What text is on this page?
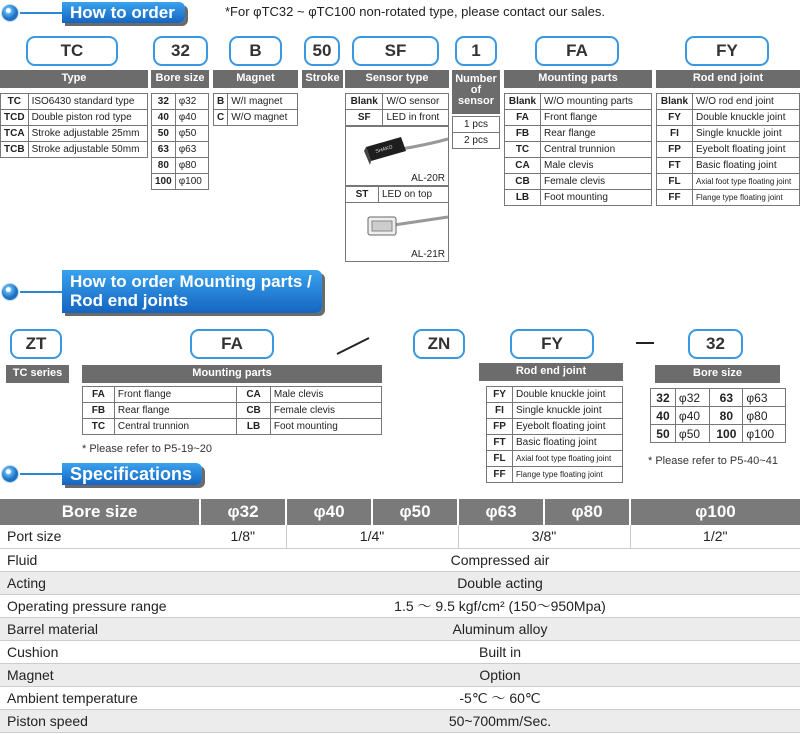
How to order	*For φTC32 ~ φTC100 non-rotated type, please contact our sales.
TC	32	B	50	SF	1	FA	FY
Type	Bore size	Magnet	Stroke	Sensor type	Number of sensor
Mounting parts	Rod end joint
TC	ISO6430 standard type
TCD	Double piston rod type
TCA	Stroke adjustable 25mm
TCB	Stroke adjustable 50mm
32	φ32
40	φ40
50	φ50
63	φ63
80	φ80
100	φ100
B	W/I magnet
C	W/O magnet
Blank	W/O sensor
SF	LED in front
SHAKO
AL-20R
ST	LED on top
AL-21R
1 pcs
2 pcs
Blank	W/O mounting parts
FA	Front flange
FB	Rear flange
TC	Central trunnion
CA	Male clevis
CB	Female clevis
LB	Foot mounting
Blank	W/O rod end joint
FY	Double knuckle joint
FI	Single knuckle joint
FP	Eyebolt floating joint
FT	Basic floating joint
FL	Axial foot type floating joint
FF	Flange type floating joint
How to order Mounting parts /
Rod end joints
ZT	FA	ZN	FY	32
TC series	Mounting parts
FA	Front flange	CA	Male clevis
FB	Rear flange	CB	Female clevis
TC	Central trunnion	LB	Foot mounting
* Please refer to P5-19~20
Rod end joint
FY	Double knuckle joint
FI	Single knuckle joint
FP	Eyebolt floating joint
FT	Basic floating joint
FL	Axial foot type floating joint
FF	Flange type floating joint
Bore size
32	φ32	63	φ63
40	φ40	80	φ80
50	φ50	100	φ100
* Please refer to P5-40~41
Specifications
Bore size	φ32	φ40	φ50	φ63	φ80	φ100
Port size	1/8"	1/4"		3/8"		1/2"
Fluid	Compressed air					
Acting	Double acting					
Operating pressure range	1.5 ～ 9.5 kgf/cm² (150～950Mpa)					
Barrel material	Aluminum alloy					
Cushion	Built in					
Magnet	Option					
Ambient temperature	-5℃ ～ 60℃					
Piston speed	50~700mm/Sec.					
